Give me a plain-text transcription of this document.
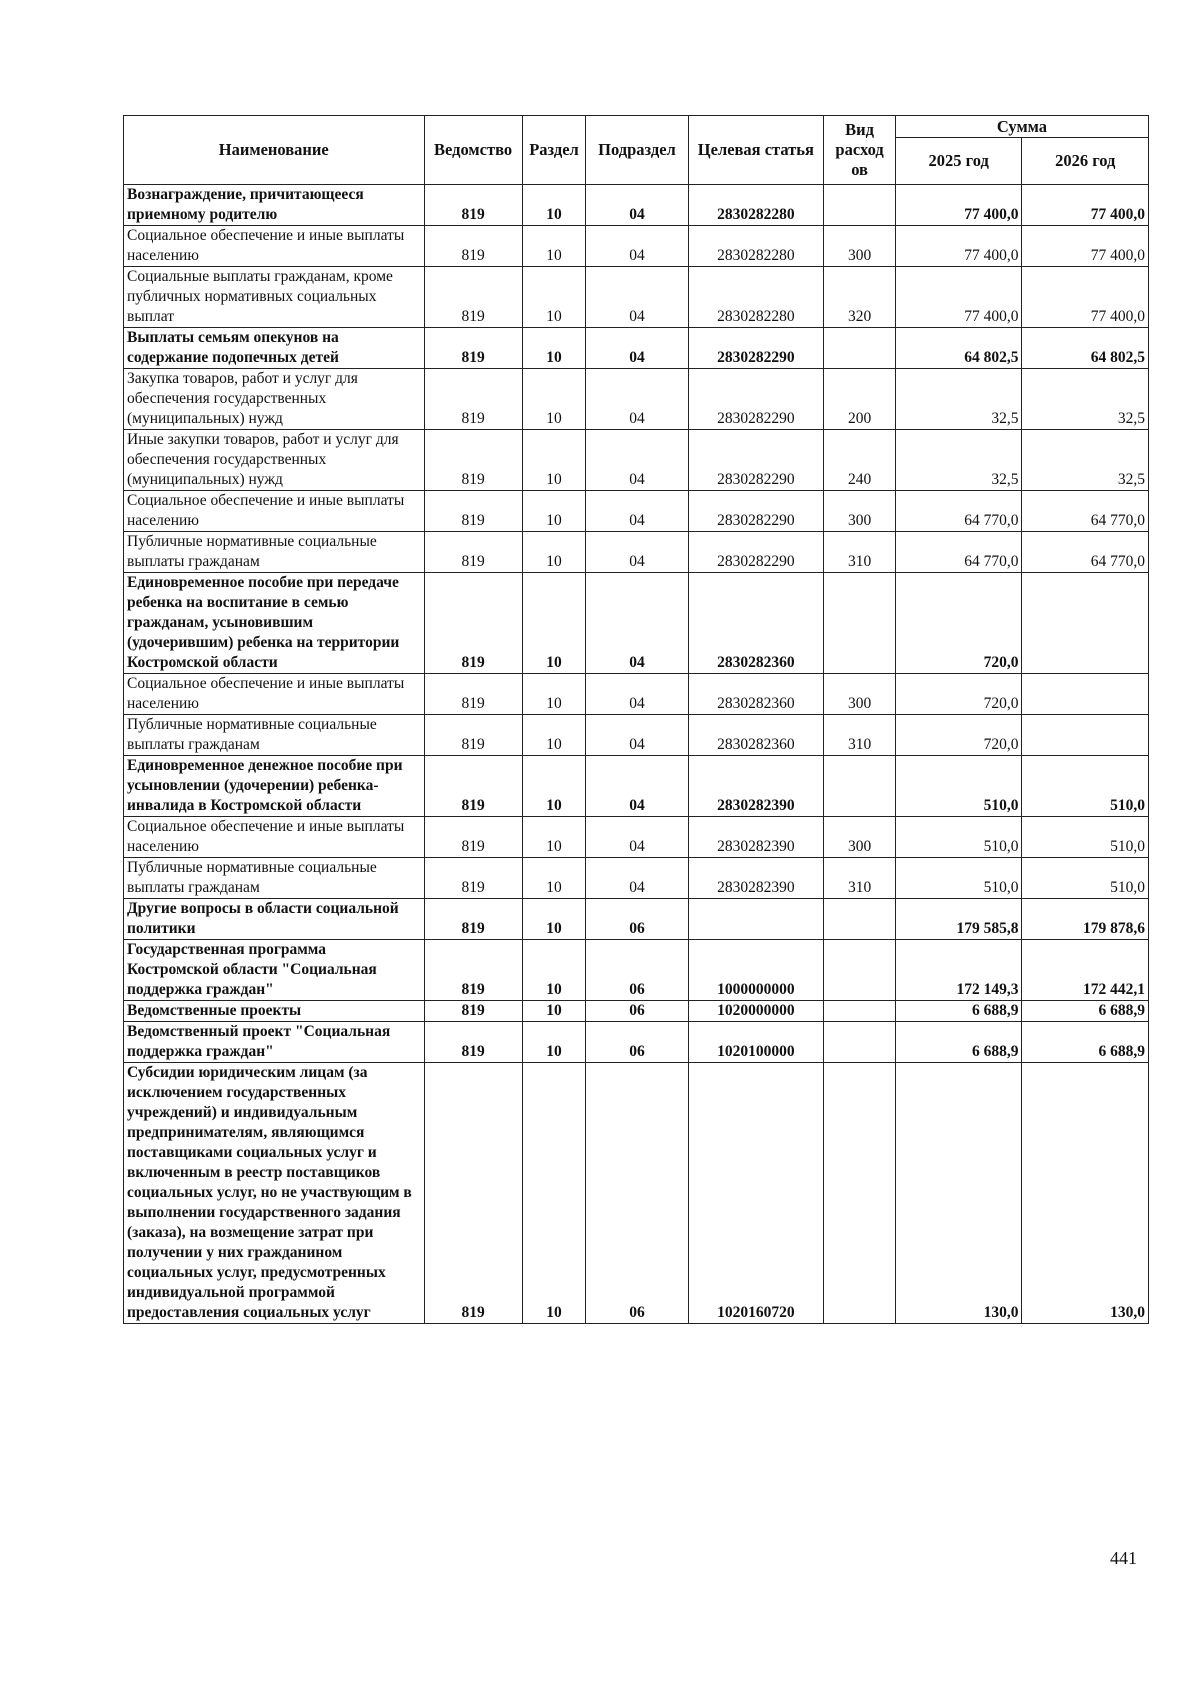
Наименование	Ведомство	Раздел	Подраздел	Целевая статья	Вид расход ов	Сумма	
						2025 год	2026 год
Вознаграждение, причитающееся приемному родителю	819	10	04	2830282280		77 400,0	77 400,0
Социальное обеспечение и иные выплаты населению	819	10	04	2830282280	300	77 400,0	77 400,0
Социальные выплаты гражданам, кроме публичных нормативных социальных выплат	819	10	04	2830282280	320	77 400,0	77 400,0
Выплаты семьям опекунов на содержание подопечных детей	819	10	04	2830282290		64 802,5	64 802,5
Закупка товаров, работ и услуг для обеспечения государственных (муниципальных) нужд	819	10	04	2830282290	200	32,5	32,5
Иные закупки товаров, работ и услуг для обеспечения государственных (муниципальных) нужд	819	10	04	2830282290	240	32,5	32,5
Социальное обеспечение и иные выплаты населению	819	10	04	2830282290	300	64 770,0	64 770,0
Публичные нормативные социальные выплаты гражданам	819	10	04	2830282290	310	64 770,0	64 770,0
Единовременное пособие при передаче ребенка на воспитание в семью гражданам, усыновившим (удочерившим) ребенка на территории Костромской области	819	10	04	2830282360		720,0	
Социальное обеспечение и иные выплаты населению	819	10	04	2830282360	300	720,0	
Публичные нормативные социальные выплаты гражданам	819	10	04	2830282360	310	720,0	
Единовременное денежное пособие при усыновлении (удочерении) ребенка-инвалида в Костромской области	819	10	04	2830282390		510,0	510,0
Социальное обеспечение и иные выплаты населению	819	10	04	2830282390	300	510,0	510,0
Публичные нормативные социальные выплаты гражданам	819	10	04	2830282390	310	510,0	510,0
Другие вопросы в области социальной политики	819	10	06			179 585,8	179 878,6
Государственная программа Костромской области "Социальная поддержка граждан"	819	10	06	1000000000		172 149,3	172 442,1
Ведомственные проекты	819	10	06	1020000000		6 688,9	6 688,9
Ведомственный проект "Социальная поддержка граждан"	819	10	06	1020100000		6 688,9	6 688,9
Субсидии юридическим лицам (за исключением государственных учреждений) и индивидуальным предпринимателям, являющимся поставщиками социальных услуг и включенным в реестр поставщиков социальных услуг, но не участвующим в выполнении государственного задания (заказа), на возмещение затрат при получении у них гражданином социальных услуг, предусмотренных индивидуальной программой предоставления социальных услуг	819	10	06	1020160720		130,0	130,0
441
